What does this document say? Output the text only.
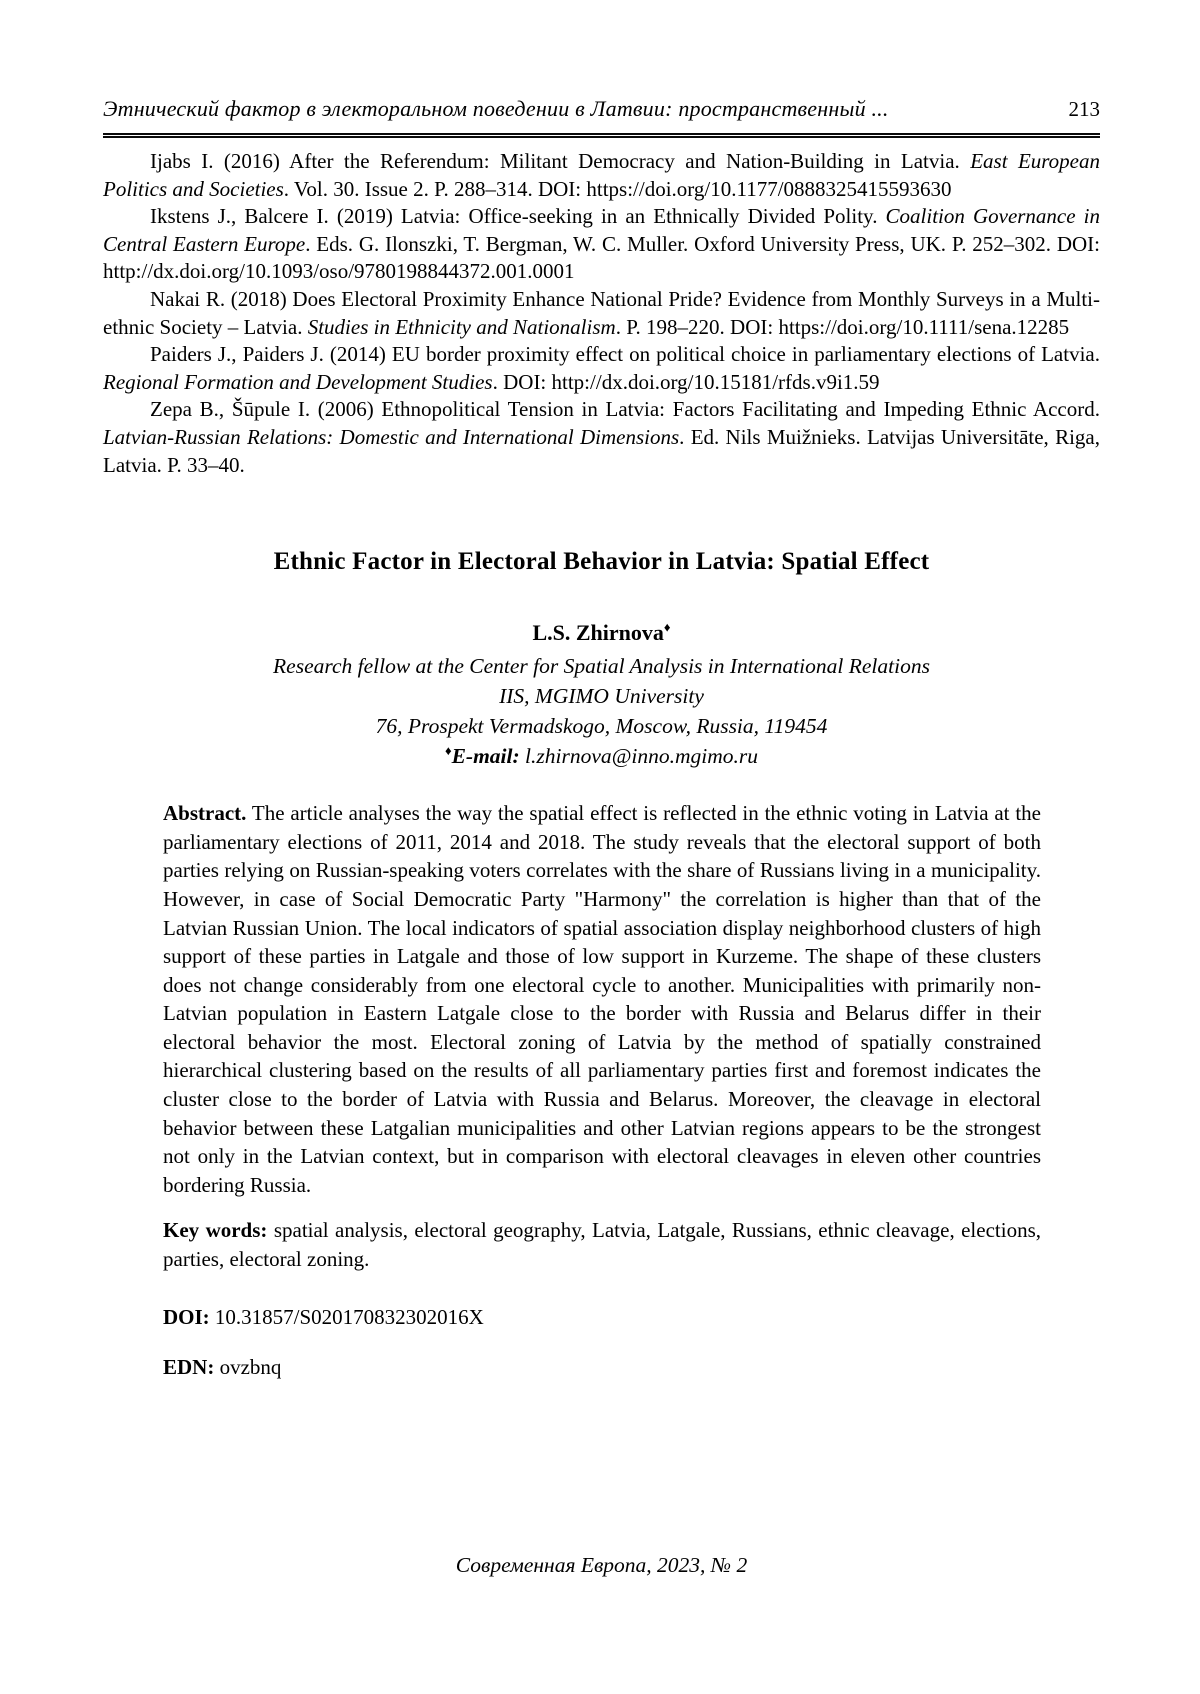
Этнический фактор в электоральном поведении в Латвии: пространственный ...	213

Ijabs I. (2016) After the Referendum: Militant Democracy and Nation-Building in Latvia. East European Politics and Societies. Vol. 30. Issue 2. P. 288–314. DOI: https://doi.org/10.1177/0888325415593630

Ikstens J., Balcere I. (2019) Latvia: Office-seeking in an Ethnically Divided Polity. Coalition Governance in Central Eastern Europe. Eds. G. Ilonszki, T. Bergman, W. C. Muller. Oxford University Press, UK. P. 252–302. DOI: http://dx.doi.org/10.1093/oso/9780198844372.001.0001

Nakai R. (2018) Does Electoral Proximity Enhance National Pride? Evidence from Monthly Surveys in a Multi-ethnic Society – Latvia. Studies in Ethnicity and Nationalism. P. 198–220. DOI: https://doi.org/10.1111/sena.12285

Paiders J., Paiders J. (2014) EU border proximity effect on political choice in parliamentary elections of Latvia. Regional Formation and Development Studies. DOI: http://dx.doi.org/10.15181/rfds.v9i1.59

Zepa B., Šūpule I. (2006) Ethnopolitical Tension in Latvia: Factors Facilitating and Impeding Ethnic Accord. Latvian-Russian Relations: Domestic and International Dimensions. Ed. Nils Muižnieks. Latvijas Universitāte, Riga, Latvia. P. 33–40.

Ethnic Factor in Electoral Behavior in Latvia: Spatial Effect
L.S. Zhirnova♦
Research fellow at the Center for Spatial Analysis in International Relations
IIS, MGIMO University
76, Prospekt Vermadskogo, Moscow, Russia, 119454
♦E-mail: l.zhirnova@inno.mgimo.ru

Abstract. The article analyses the way the spatial effect is reflected in the ethnic voting in Latvia at the parliamentary elections of 2011, 2014 and 2018. The study reveals that the electoral support of both parties relying on Russian-speaking voters correlates with the share of Russians living in a municipality. However, in case of Social Democratic Party "Harmony" the correlation is higher than that of the Latvian Russian Union. The local indicators of spatial association display neighborhood clusters of high support of these parties in Latgale and those of low support in Kurzeme. The shape of these clusters does not change considerably from one electoral cycle to another. Municipalities with primarily non-Latvian population in Eastern Latgale close to the border with Russia and Belarus differ in their electoral behavior the most. Electoral zoning of Latvia by the method of spatially constrained hierarchical clustering based on the results of all parliamentary parties first and foremost indicates the cluster close to the border of Latvia with Russia and Belarus. Moreover, the cleavage in electoral behavior between these Latgalian municipalities and other Latvian regions appears to be the strongest not only in the Latvian context, but in comparison with electoral cleavages in eleven other countries bordering Russia.

Key words: spatial analysis, electoral geography, Latvia, Latgale, Russians, ethnic cleavage, elections, parties, electoral zoning.

DOI: 10.31857/S020170832302016X

EDN: ovzbnq

Современная Европа, 2023, № 2
